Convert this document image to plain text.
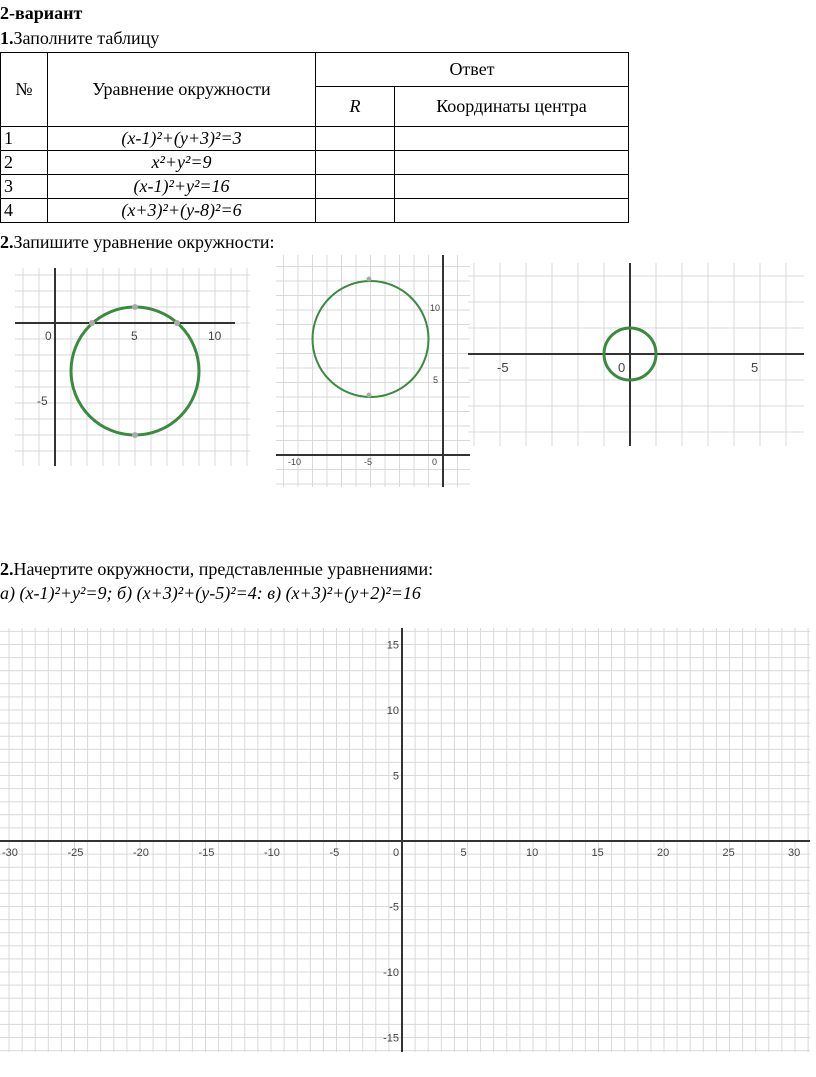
2-вариант
1.Заполните таблицу
№	Уравнение окружности	Ответ	
		R	Координаты центра
1	(x-1)²+(y+3)²=3		
2	x²+y²=9		
3	(x-1)²+y²=16		
4	(x+3)²+(y-8)²=6		
2.Запишите уравнение окружности:
0	5	10
-5
-10	-5	0
10
5
-5	0	5
2.Начертите окружности, представленные уравнениями:
а) (x-1)²+y²=9; б) (x+3)²+(y-5)²=4: в) (x+3)²+(y+2)²=16
-30	-25	-20	-15	-10	-5	0	5	10	15	20	25	30
15
10
5
-5
-10
-15
